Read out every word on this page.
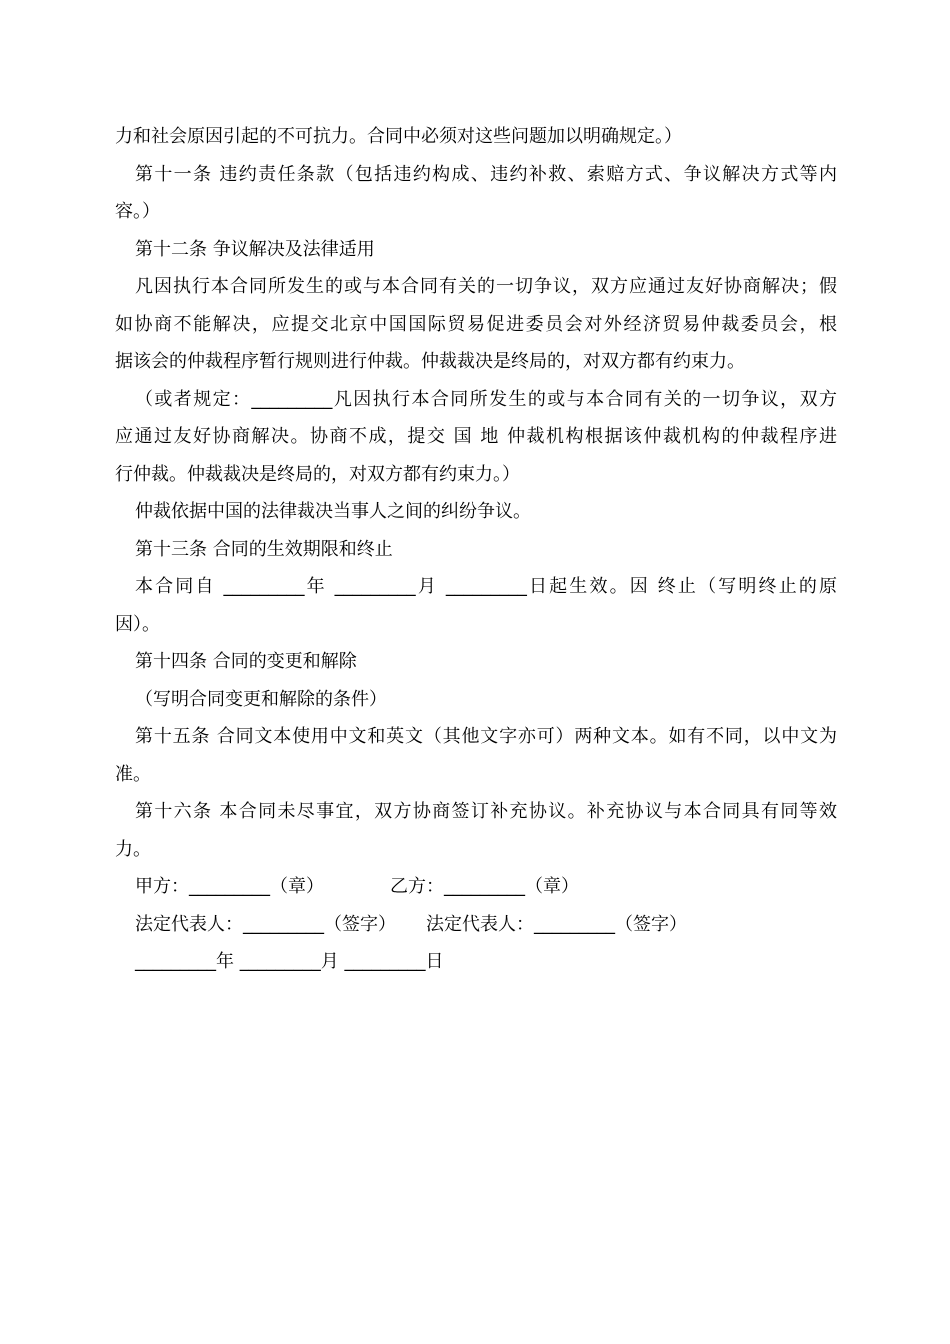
力和社会原因引起的不可抗力。合同中必须对这些问题加以明确规定。）
第十一条 违约责任条款（包括违约构成、违约补救、索赔方式、争议解决方式等内
容。）
第十二条 争议解决及法律适用
凡因执行本合同所发生的或与本合同有关的一切争议，双方应通过友好协商解决；假
如协商不能解决，应提交北京中国国际贸易促进委员会对外经济贸易仲裁委员会，根
据该会的仲裁程序暂行规则进行仲裁。仲裁裁决是终局的，对双方都有约束力。
（或者规定：_________凡因执行本合同所发生的或与本合同有关的一切争议，双方
应通过友好协商解决。协商不成，提交 国 地 仲裁机构根据该仲裁机构的仲裁程序进
行仲裁。仲裁裁决是终局的，对双方都有约束力。）
仲裁依据中国的法律裁决当事人之间的纠纷争议。
第十三条 合同的生效期限和终止
本合同自 _________年 _________月 _________日起生效。因 终止（写明终止的原
因）。
第十四条 合同的变更和解除
（写明合同变更和解除的条件）
第十五条 合同文本使用中文和英文（其他文字亦可）两种文本。如有不同，以中文为
准。
第十六条 本合同未尽事宜，双方协商签订补充协议。补充协议与本合同具有同等效
力。
甲方：_________（章）	乙方：_________（章）
法定代表人：_________（签字） 法定代表人：_________（签字）
_________年 _________月 _________日
